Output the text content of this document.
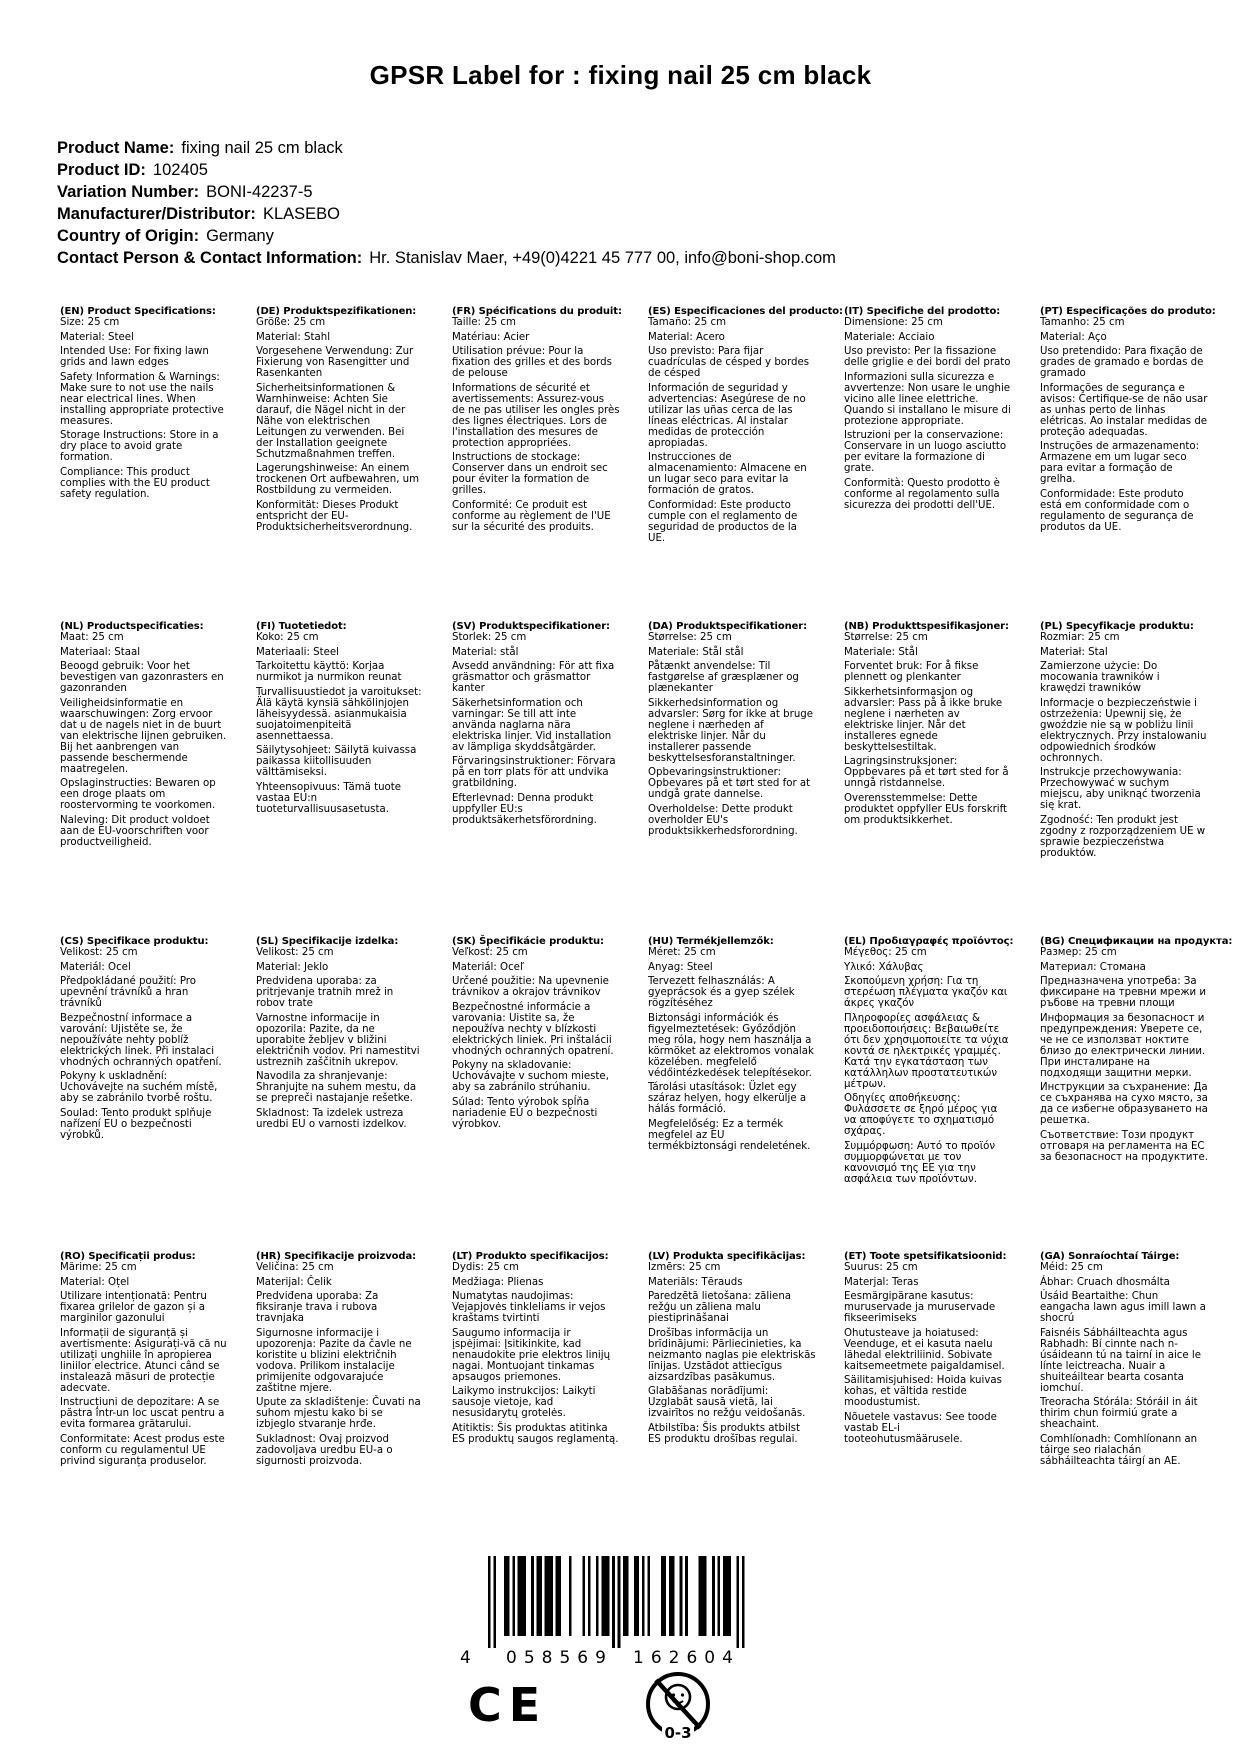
GPSR Label for : fixing nail 25 cm black
Product Name: fixing nail 25 cm black
Product ID: 102405
Variation Number: BONI-42237-5
Manufacturer/Distributor: KLASEBO
Country of Origin: Germany
Contact Person & Contact Information: Hr. Stanislav Maer, +49(0)4221 45 777 00, info@boni-shop.com
(EN) Product Specifications:
Size: 25 cm
Material: Steel
Intended Use: For fixing lawn grids and lawn edges
Safety Information & Warnings: Make sure to not use the nails near electrical lines. When installing appropriate protective measures.
Storage Instructions: Store in a dry place to avoid grate formation.
Compliance: This product complies with the EU product safety regulation.
(DE) Produktspezifikationen:
Größe: 25 cm
Material: Stahl
Vorgesehene Verwendung: Zur Fixierung von Rasengitter und Rasenkanten
Sicherheitsinformationen & Warnhinweise: Achten Sie darauf, die Nägel nicht in der Nähe von elektrischen Leitungen zu verwenden. Bei der Installation geeignete Schutzmaßnahmen treffen.
Lagerungshinweise: An einem trockenen Ort aufbewahren, um Rostbildung zu vermeiden.
Konformität: Dieses Produkt entspricht der EU-Produktsicherheitsverordnung.
(FR) Spécifications du produit:
Taille: 25 cm
Matériau: Acier
Utilisation prévue: Pour la fixation des grilles et des bords de pelouse
Informations de sécurité et avertissements: Assurez-vous de ne pas utiliser les ongles près des lignes électriques. Lors de l'installation des mesures de protection appropriées.
Instructions de stockage: Conserver dans un endroit sec pour éviter la formation de grilles.
Conformité: Ce produit est conforme au règlement de l'UE sur la sécurité des produits.
(ES) Especificaciones del producto:
Tamaño: 25 cm
Material: Acero
Uso previsto: Para fijar cuadrículas de césped y bordes de césped
Información de seguridad y advertencias: Asegúrese de no utilizar las uñas cerca de las líneas eléctricas. Al instalar medidas de protección apropiadas.
Instrucciones de almacenamiento: Almacene en un lugar seco para evitar la formación de gratos.
Conformidad: Este producto cumple con el reglamento de seguridad de productos de la UE.
(IT) Specifiche del prodotto:
Dimensione: 25 cm
Materiale: Acciaio
Uso previsto: Per la fissazione delle griglie e dei bordi del prato
Informazioni sulla sicurezza e avvertenze: Non usare le unghie vicino alle linee elettriche. Quando si installano le misure di protezione appropriate.
Istruzioni per la conservazione: Conservare in un luogo asciutto per evitare la formazione di grate.
Conformità: Questo prodotto è conforme al regolamento sulla sicurezza dei prodotti dell'UE.
(PT) Especificações do produto:
Tamanho: 25 cm
Material: Aço
Uso pretendido: Para fixação de grades de gramado e bordas de gramado
Informações de segurança e avisos: Certifique-se de não usar as unhas perto de linhas elétricas. Ao instalar medidas de proteção adequadas.
Instruções de armazenamento: Armazene em um lugar seco para evitar a formação de grelha.
Conformidade: Este produto está em conformidade com o regulamento de segurança de produtos da UE.
(NL) Productspecificaties:
Maat: 25 cm
Materiaal: Staal
Beoogd gebruik: Voor het bevestigen van gazonrasters en gazonranden
Veiligheidsinformatie en waarschuwingen: Zorg ervoor dat u de nagels niet in de buurt van elektrische lijnen gebruiken. Bij het aanbrengen van passende beschermende maatregelen.
Opslaginstructies: Bewaren op een droge plaats om roostervorming te voorkomen.
Naleving: Dit product voldoet aan de EU-voorschriften voor productveiligheid.
(FI) Tuotetiedot:
Koko: 25 cm
Materiaali: Steel
Tarkoitettu käyttö: Korjaa nurmikot ja nurmikon reunat
Turvallisuustiedot ja varoitukset: Älä käytä kynsiä sähkölinjojen läheisyydessä. asianmukaisia suojatoimenpiteitä asennettaessa.
Säilytysohjeet: Säilytä kuivassa paikassa kiitollisuuden välttämiseksi.
Yhteensopivuus: Tämä tuote vastaa EU:n tuoteturvallisuusasetusta.
(SV) Produktspecifikationer:
Storlek: 25 cm
Material: stål
Avsedd användning: För att fixa gräsmattor och gräsmattor kanter
Säkerhetsinformation och varningar: Se till att inte använda naglarna nära elektriska linjer. Vid installation av lämpliga skyddsåtgärder.
Förvaringsinstruktioner: Förvara på en torr plats för att undvika gratbildning.
Efterlevnad: Denna produkt uppfyller EU:s produktsäkerhetsförordning.
(DA) Produktspecifikationer:
Størrelse: 25 cm
Materiale: Stål stål
Påtænkt anvendelse: Til fastgørelse af græsplæner og plænekanter
Sikkerhedsinformation og advarsler: Sørg for ikke at bruge neglene i nærheden af elektriske linjer. Når du installerer passende beskyttelsesforanstaltninger.
Opbevaringsinstruktioner: Opbevares på et tørt sted for at undgå grate dannelse.
Overholdelse: Dette produkt overholder EU's produktsikkerhedsforordning.
(NB) Produkttspesifikasjoner:
Størrelse: 25 cm
Materiale: Stål
Forventet bruk: For å fikse plennett og plenkanter
Sikkerhetsinformasjon og advarsler: Pass på å ikke bruke neglene i nærheten av elektriske linjer. Når det installeres egnede beskyttelsestiltak.
Lagringsinstruksjoner: Oppbevares på et tørt sted for å unngå ristdannelse.
Overensstemmelse: Dette produktet oppfyller EUs forskrift om produktsikkerhet.
(PL) Specyfikacje produktu:
Rozmiar: 25 cm
Materiał: Stal
Zamierzone użycie: Do mocowania trawników i krawędzi trawników
Informacje o bezpieczeństwie i ostrzeżenia: Upewnij się, że gwoździe nie są w pobliżu linii elektrycznych. Przy instalowaniu odpowiednich środków ochronnych.
Instrukcje przechowywania: Przechowywać w suchym miejscu, aby uniknąć tworzenia się krat.
Zgodność: Ten produkt jest zgodny z rozporządzeniem UE w sprawie bezpieczeństwa produktów.
(CS) Specifikace produktu:
Velikost: 25 cm
Materiál: Ocel
Předpokládané použití: Pro upevnění trávníků a hran trávníků
Bezpečnostní informace a varování: Ujistěte se, že nepoužíváte nehty poblíž elektrických linek. Při instalaci vhodných ochranných opatření.
Pokyny k uskladnění: Uchovávejte na suchém místě, aby se zabránilo tvorbě roštu.
Soulad: Tento produkt splňuje nařízení EU o bezpečnosti výrobků.
(SL) Specifikacije izdelka:
Velikost: 25 cm
Material: Jeklo
Predvidena uporaba: za pritrjevanje tratnih mrež in robov trate
Varnostne informacije in opozorila: Pazite, da ne uporabite žebljev v bližini električnih vodov. Pri namestitvi ustreznih zaščitnih ukrepov.
Navodila za shranjevanje: Shranjujte na suhem mestu, da se prepreči nastajanje rešetke.
Skladnost: Ta izdelek ustreza uredbi EU o varnosti izdelkov.
(SK) Špecifikácie produktu:
Veľkosť: 25 cm
Materiál: Oceľ
Určené použitie: Na upevnenie trávnikov a okrajov trávnikov
Bezpečnostné informácie a varovania: Uistite sa, že nepoužíva nechty v blízkosti elektrických liniek. Pri inštalácii vhodných ochranných opatrení.
Pokyny na skladovanie: Uchovávajte v suchom mieste, aby sa zabránilo strúhaniu.
Súlad: Tento výrobok spĺňa nariadenie EÚ o bezpečnosti výrobkov.
(HU) Termékjellemzők:
Méret: 25 cm
Anyag: Steel
Tervezett felhasználás: A gyeprácsok és a gyep szélek rögzítéséhez
Biztonsági információk és figyelmeztetések: Győződjön meg róla, hogy nem használja a körmöket az elektromos vonalak közelében. megfelelő védőintézkedések telepítésekor.
Tárolási utasítások: Üzlet egy száraz helyen, hogy elkerülje a hálás formáció.
Megfelelőség: Ez a termék megfelel az EU termékbiztonsági rendeletének.
(EL) Προδιαγραφές προϊόντος:
Μέγεθος: 25 cm
Υλικό: Χάλυβας
Σκοπούμενη χρήση: Για τη στερέωση πλέγματα γκαζόν και άκρες γκαζόν
Πληροφορίες ασφάλειας & προειδοποιήσεις: Βεβαιωθείτε ότι δεν χρησιμοποιείτε τα νύχια κοντά σε ηλεκτρικές γραμμές. Κατά την εγκατάσταση των κατάλληλων προστατευτικών μέτρων.
Οδηγίες αποθήκευσης: Φυλάσσετε σε ξηρό μέρος για να αποφύγετε το σχηματισμό σχάρας.
Συμμόρφωση: Αυτό το προϊόν συμμορφώνεται με τον κανονισμό της ΕΕ για την ασφάλεια των προϊόντων.
(BG) Спецификации на продукта:
Размер: 25 cm
Материал: Стомана
Предназначена употреба: За фиксиране на тревни мрежи и ръбове на тревни площи
Информация за безопасност и предупреждения: Уверете се, че не се използват ноктите близо до електрически линии. При инсталиране на подходящи защитни мерки.
Инструкции за съхранение: Да се съхранява на сухо място, за да се избегне образуването на решетка.
Съответствие: Този продукт отговаря на регламента на ЕС за безопасност на продуктите.
(RO) Specificații produs:
Mărime: 25 cm
Material: Oțel
Utilizare intenționată: Pentru fixarea grilelor de gazon și a marginilor gazonului
Informații de siguranță și avertismente: Asigurați-vă că nu utilizați unghiile în apropierea liniilor electrice. Atunci când se instalează măsuri de protecție adecvate.
Instrucțiuni de depozitare: A se păstra într-un loc uscat pentru a evita formarea grătarului.
Conformitate: Acest produs este conform cu regulamentul UE privind siguranța produselor.
(HR) Specifikacije proizvoda:
Veličina: 25 cm
Materijal: Čelik
Predviđena uporaba: Za fiksiranje trava i rubova travnjaka
Sigurnosne informacije i upozorenja: Pazite da čavle ne koristite u blizini električnih vodova. Prilikom instalacije primijenite odgovarajuće zaštitne mjere.
Upute za skladištenje: Čuvati na suhom mjestu kako bi se izbjeglo stvaranje hrđe.
Sukladnost: Ovaj proizvod zadovoljava uredbu EU-a o sigurnosti proizvoda.
(LT) Produkto specifikacijos:
Dydis: 25 cm
Medžiaga: Plienas
Numatytas naudojimas: Vejapjovės tinkleliams ir vejos kraštams tvirtinti
Saugumo informacija ir įspėjimai: Įsitikinkite, kad nenaudokite prie elektros linijų nagai. Montuojant tinkamas apsaugos priemones.
Laikymo instrukcijos: Laikyti sausoje vietoje, kad nesusidarytų grotelės.
Atitiktis: Šis produktas atitinka ES produktų saugos reglamentą.
(LV) Produkta specifikācijas:
Izmērs: 25 cm
Materiāls: Tērauds
Paredzētā lietošana: zāliena režģu un zāliena malu piestiprināšanai
Drošības informācija un brīdinājumi: Pārliecinieties, ka neizmanto naglas pie elektriskās līnijas. Uzstādot attiecīgus aizsardzības pasākumus.
Glabāšanas norādījumi: Uzglabāt sausā vietā, lai izvairītos no režģu veidošanās.
Atbilstība: Šis produkts atbilst ES produktu drošības regulai.
(ET) Toote spetsifikatsioonid:
Suurus: 25 cm
Materjal: Teras
Eesmärgipärane kasutus: muruservade ja muruservade fikseerimiseks
Ohutusteave ja hoiatused: Veenduge, et ei kasuta naelu lähedal elektriliinid. Sobivate kaitsemeetmete paigaldamisel.
Säilitamisjuhised: Hoida kuivas kohas, et vältida restide moodustumist.
Nõuetele vastavus: See toode vastab EL-i tooteohutusmäärusele.
(GA) Sonraíochtaí Táirge:
Méid: 25 cm
Ábhar: Cruach dhosmálta
Úsáid Beartaithe: Chun eangacha lawn agus imill lawn a shocrú
Faisnéis Sábháilteachta agus Rabhadh: Bí cinnte nach n-úsáideann tú na tairní in aice le línte leictreacha. Nuair a shuiteáiltear bearta cosanta iomchuí.
Treoracha Stórála: Stóráil in áit thirim chun foirmiú grate a sheachaint.
Comhlíonadh: Comhlíonann an táirge seo rialachán sábháilteachta táirgí an AE.
4 058569 162604
CE
0-3
